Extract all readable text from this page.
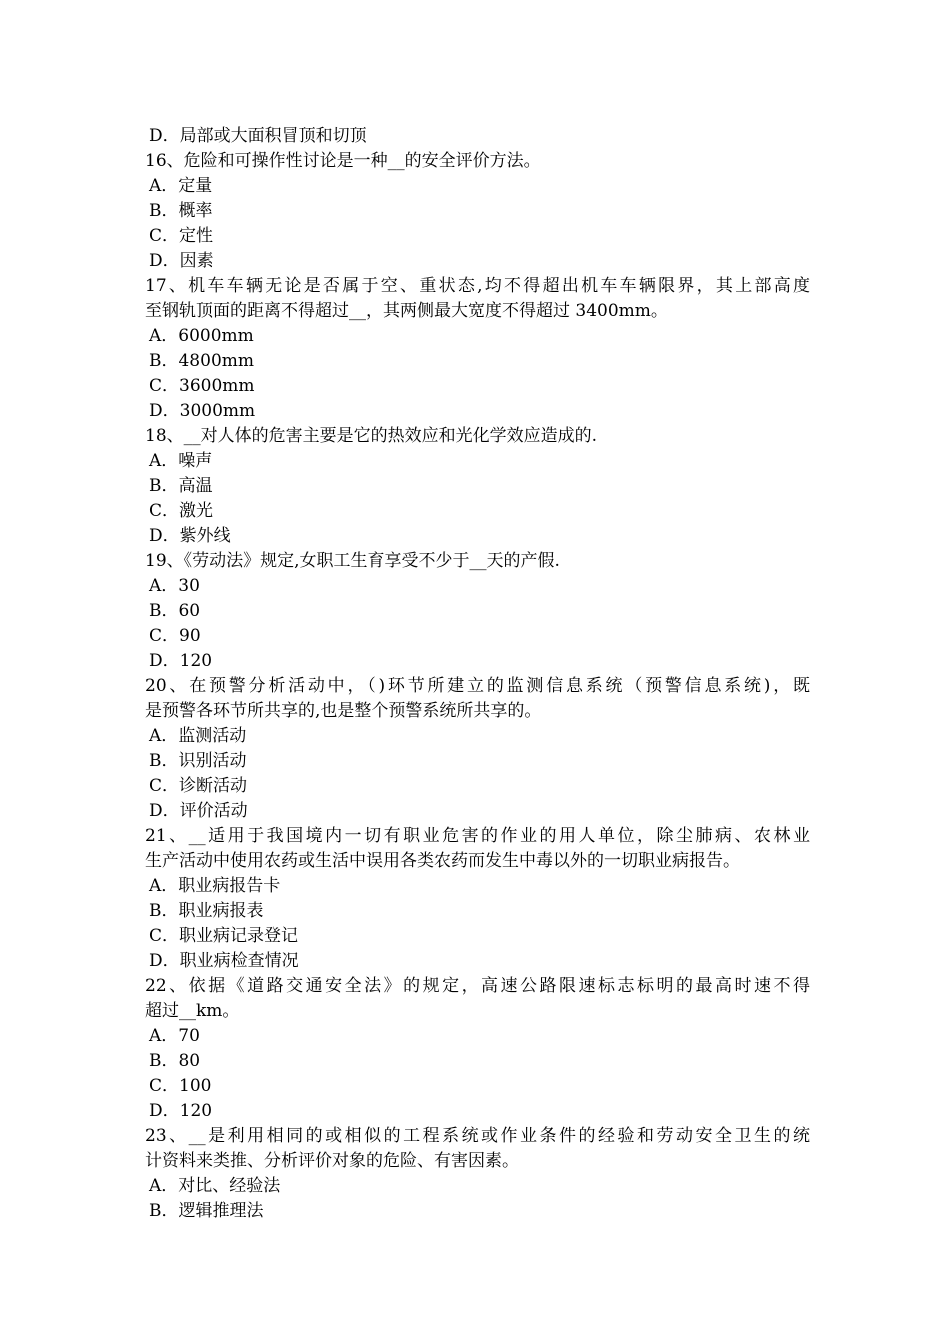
D．局部或大面积冒顶和切顶
16、危险和可操作性讨论是一种__的安全评价方法。
A．定量
B．概率
C．定性
D．因素
17、机车车辆无论是否属于空、重状态,均不得超出机车车辆限界，其上部高度
至钢轨顶面的距离不得超过__，其两侧最大宽度不得超过 3400mm。
A．6000mm
B．4800mm
C．3600mm
D．3000mm
18、__对人体的危害主要是它的热效应和光化学效应造成的.
A．噪声
B．高温
C．激光
D．紫外线
19、《劳动法》规定,女职工生育享受不少于__天的产假.
A．30
B．60
C．90
D．120
20、在预警分析活动中，（)环节所建立的监测信息系统（预警信息系统)，既
是预警各环节所共享的,也是整个预警系统所共享的。
A．监测活动
B．识别活动
C．诊断活动
D．评价活动
21、__适用于我国境内一切有职业危害的作业的用人单位，除尘肺病、农林业
生产活动中使用农药或生活中误用各类农药而发生中毒以外的一切职业病报告。
A．职业病报告卡
B．职业病报表
C．职业病记录登记
D．职业病检查情况
22、依据《道路交通安全法》的规定，高速公路限速标志标明的最高时速不得
超过__km。
A．70
B．80
C．100
D．120
23、__是利用相同的或相似的工程系统或作业条件的经验和劳动安全卫生的统
计资料来类推、分析评价对象的危险、有害因素。
A．对比、经验法
B．逻辑推理法
